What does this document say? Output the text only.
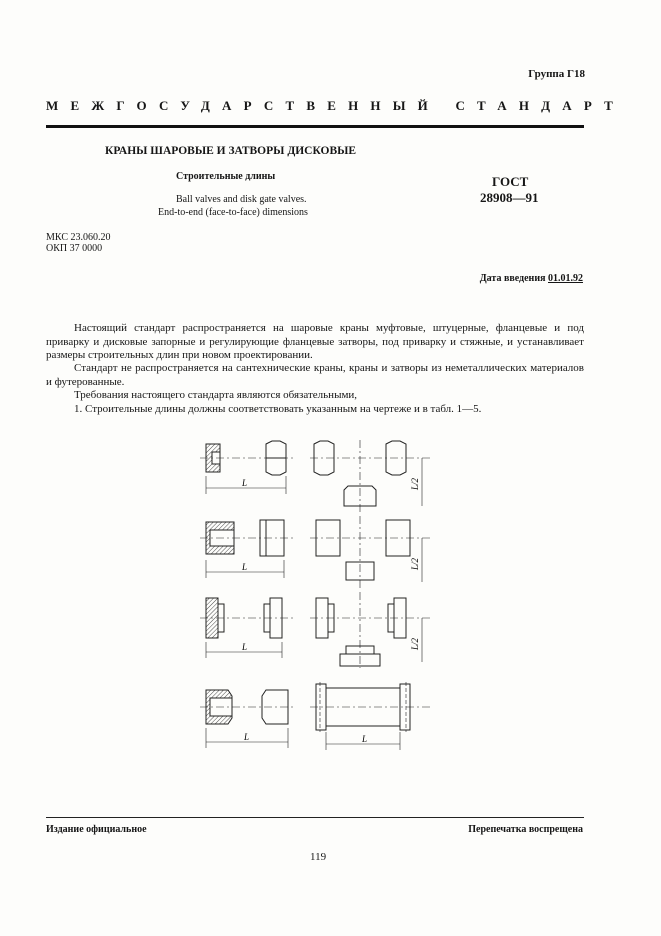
Группа Г18
МЕЖГОСУДАРСТВЕННЫЙ СТАНДАРТ
КРАНЫ ШАРОВЫЕ И ЗАТВОРЫ ДИСКОВЫЕ
Строительные длины
Ball valves and disk gate valves.
End-to-end (face-to-face) dimensions
ГОСТ
28908—91
МКС 23.060.20
ОКП 37 0000
Дата введения 01.01.92
Настоящий стандарт распространяется на шаровые краны муфтовые, штуцерные, фланцевые и под приварку и дисковые запорные и регулирующие фланцевые затворы, под приварку и стяжные, и устанавливает размеры строительных длин при новом проектировании.
Стандарт не распространяется на сантехнические краны, краны и затворы из неметаллических материалов и футерованные.
Требования настоящего стандарта являются обязательными,
1. Строительные длины должны соответствовать указанным на чертеже и в табл. 1—5.
L
L
L
L	L
L/2
L/2
L/2
Издание официальное	Перепечатка воспрещена
119
